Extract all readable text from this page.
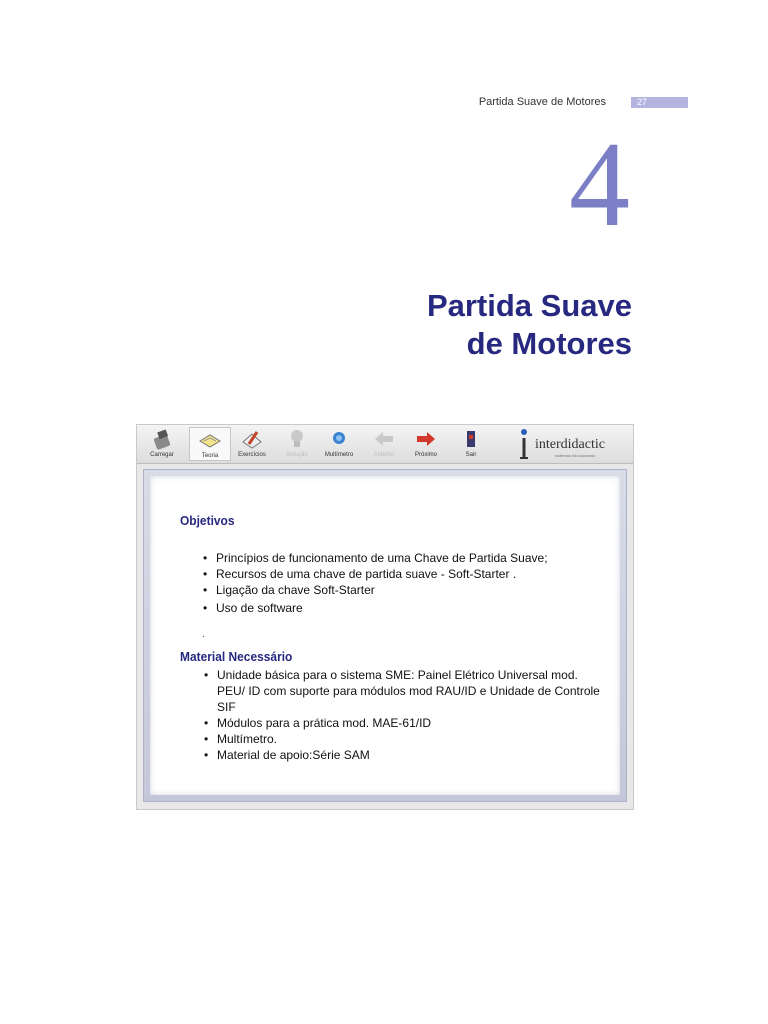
Partida Suave de Motores	27
4
Partida Suave
de Motores
Carregar	Teoria	Exercícios	Solução	Multímetro	Anterior	Próximo	Sair
interdidactic
sistemas educacionais
Objetivos
• Princípios de funcionamento de uma Chave de Partida Suave;
• Recursos de uma chave de partida suave - Soft-Starter .
• Ligação da chave Soft-Starter
• Uso de software
.
Material Necessário
• Unidade básica para o sistema SME: Painel Elétrico Universal mod. PEU/ ID com suporte para módulos mod RAU/ID e Unidade de Controle SIF
• Módulos para a prática mod. MAE-61/ID
• Multímetro.
• Material de apoio:Série SAM
